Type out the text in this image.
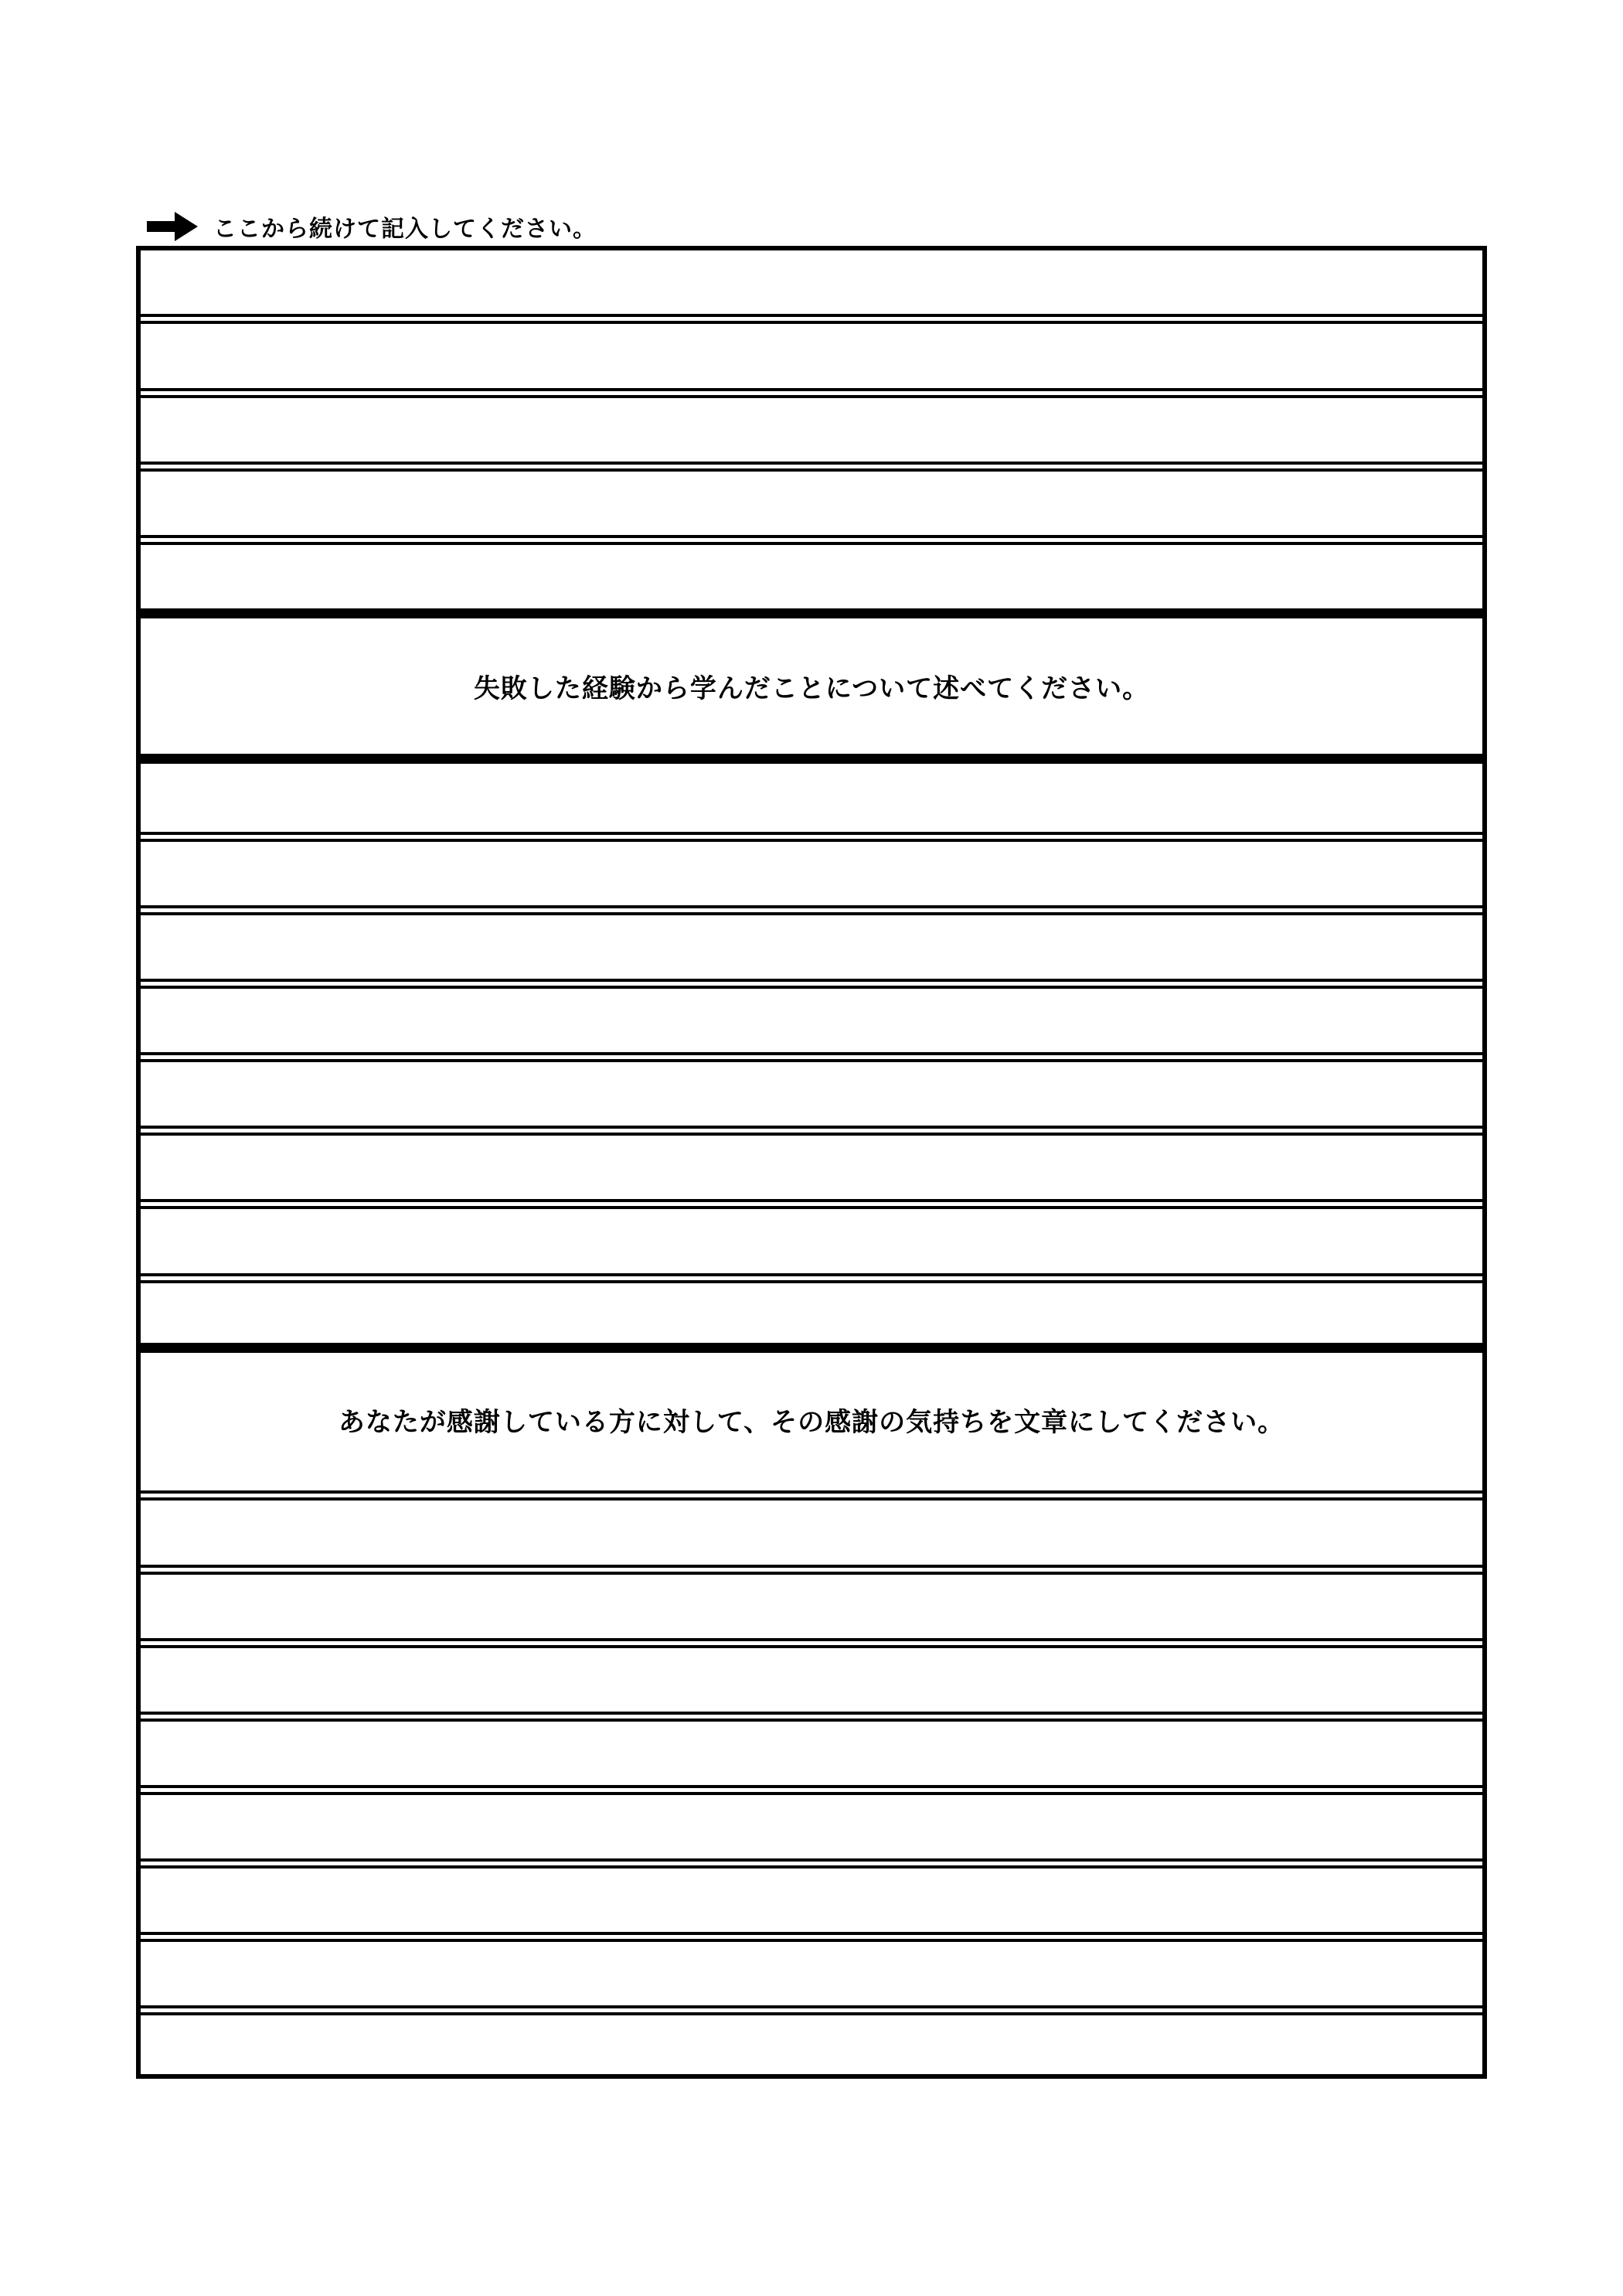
ここから続けて記入してください。
失敗した経験から学んだことについて述べてください。
あなたが感謝している方に対して、その感謝の気持ちを文章にしてください。
